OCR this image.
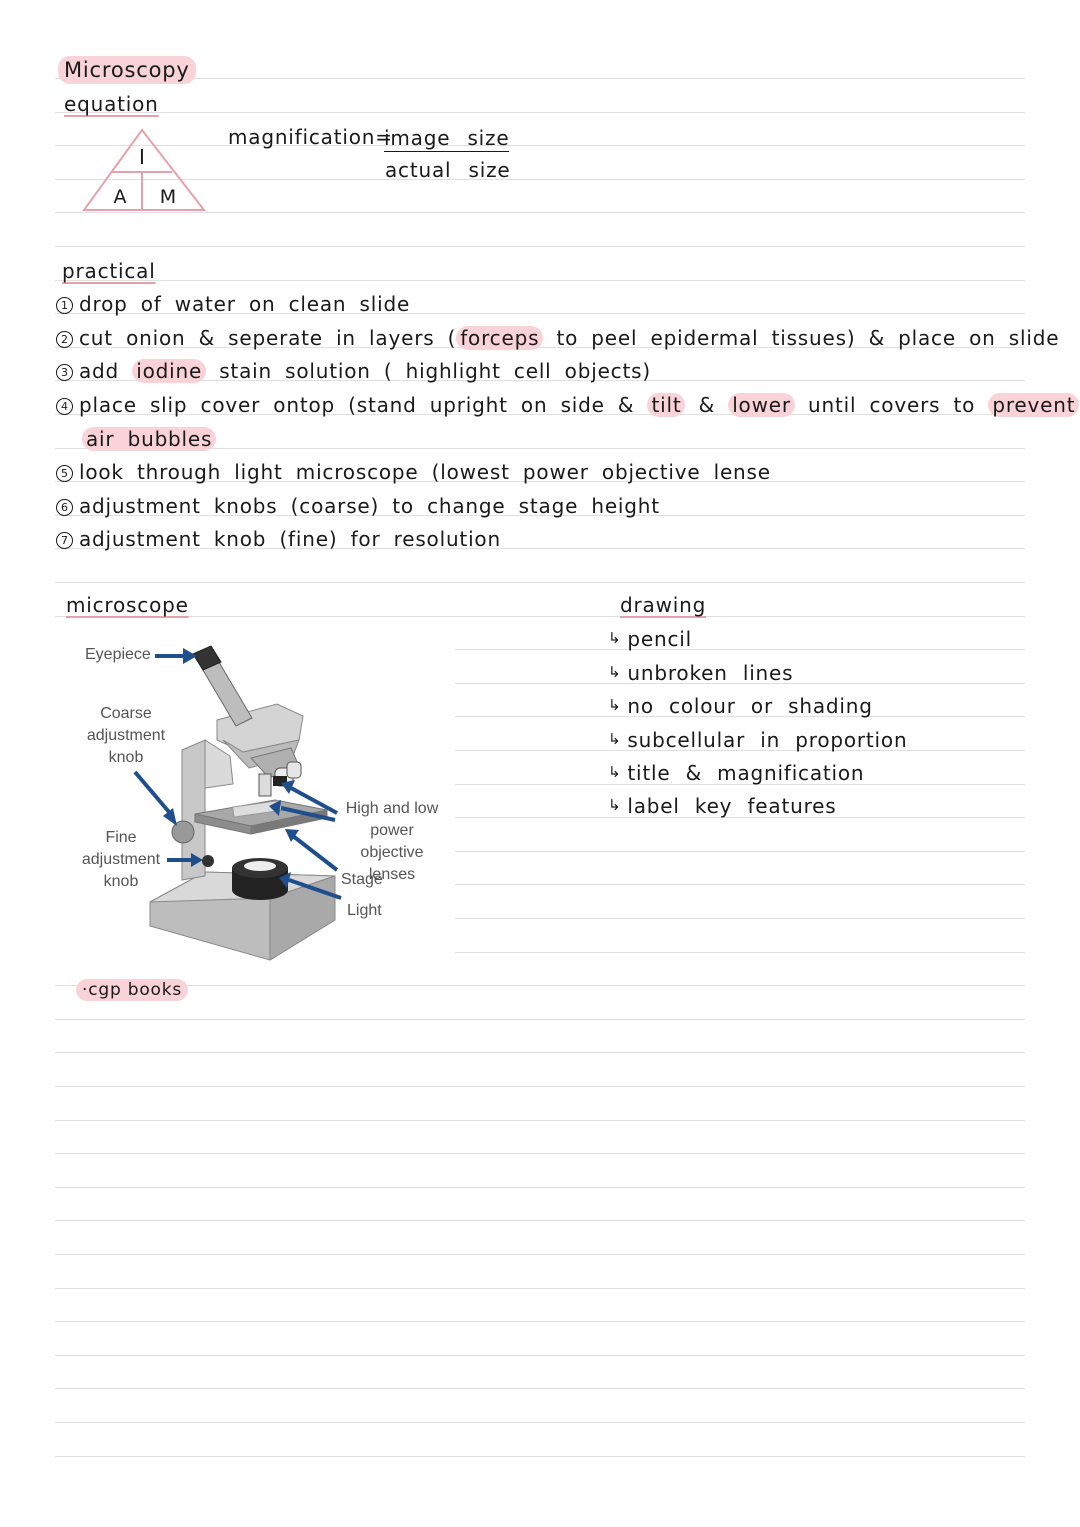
Microscopy
equation
I
A M
magnification=
image size
actual size
practical
1 drop of water on clean slide
2 cut onion & seperate in layers ( forceps to peel epidermal tissues) & place on slide
3 add iodine stain solution ( highlight cell objects)
4 place slip cover ontop (stand upright on side & tilt & lower until covers to prevent
air bubbles
5 look through light microscope (lowest power objective lense
6 adjustment knobs (coarse) to change stage height
7 adjustment knob (fine) for resolution
microscope
Eyepiece
Coarse
adjustment
knob
Fine
adjustment
knob
High and low
power objective
lenses
Stage
Light
·cgp books
drawing
↳ pencil
↳ unbroken lines
↳ no colour or shading
↳ subcellular in proportion
↳ title & magnification
↳ label key features
